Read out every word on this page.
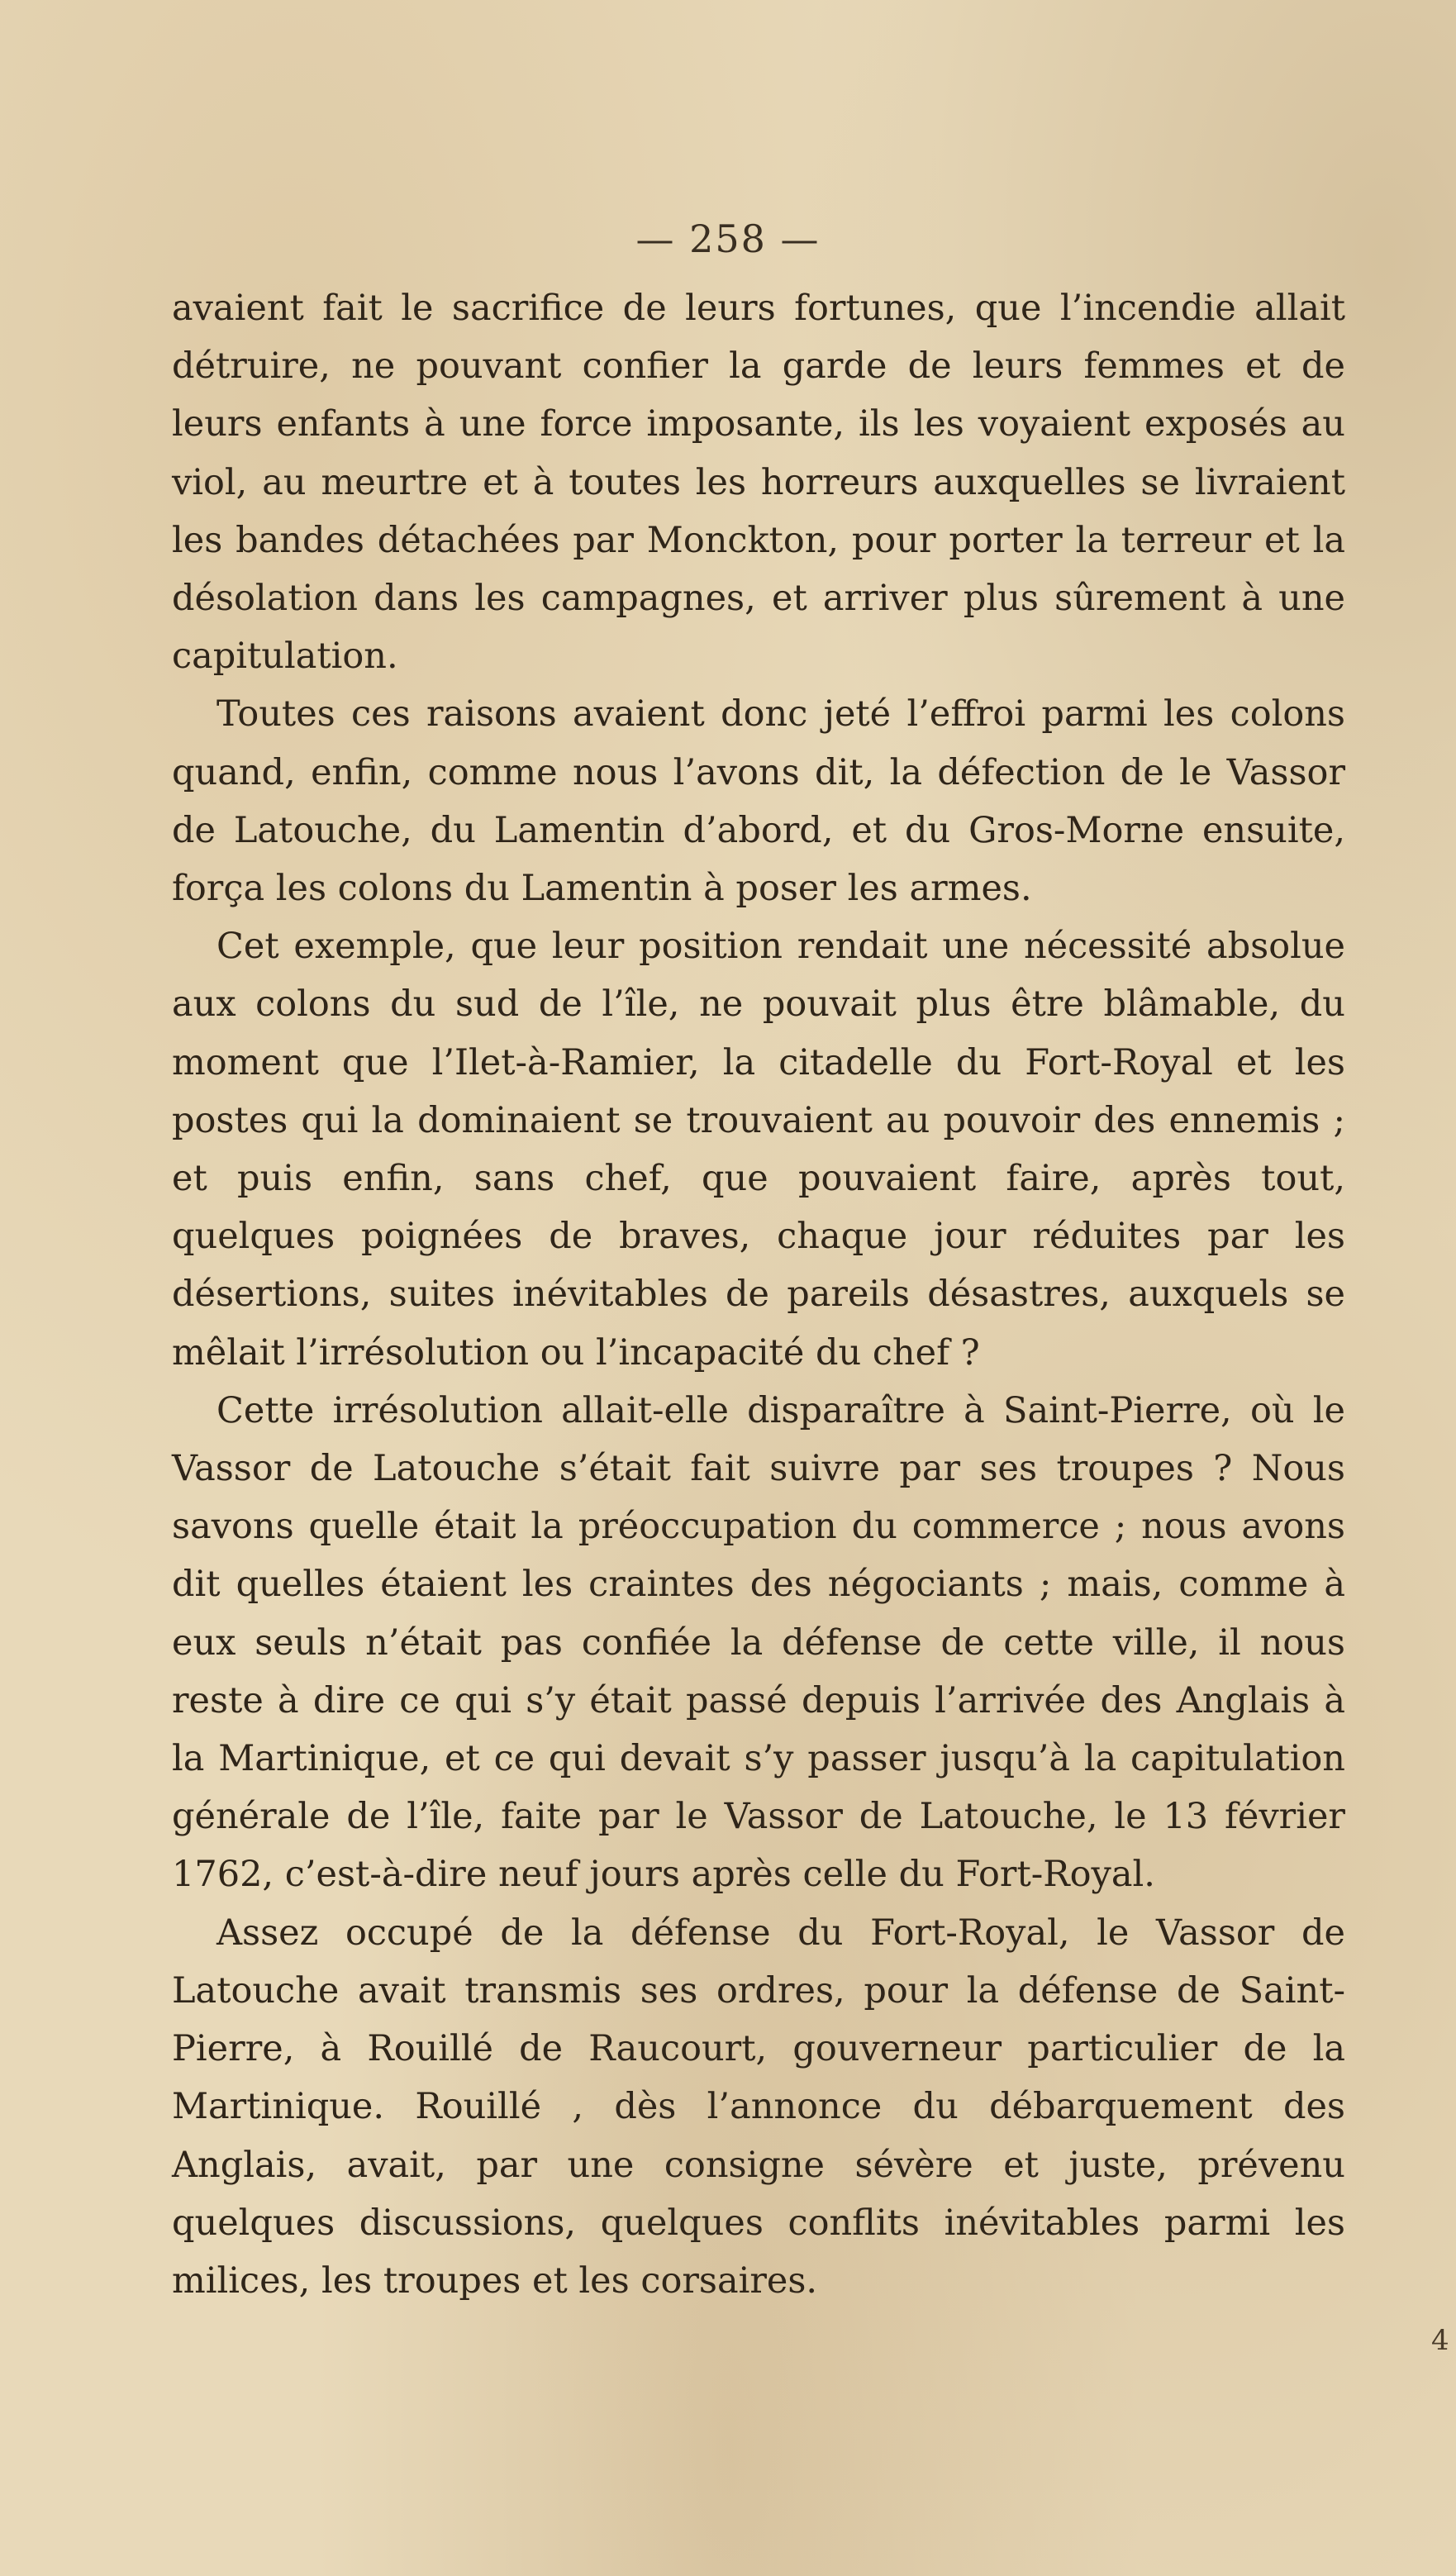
— 258 —

avaient fait le sacrifice de leurs fortunes, que l’incendie allait détruire, ne pouvant confier la garde de leurs femmes et de leurs enfants à une force imposante, ils les voyaient exposés au viol, au meurtre et à toutes les horreurs auxquelles se livraient les bandes détachées par Monckton, pour porter la terreur et la désolation dans les campagnes, et arriver plus sûrement à une capitulation.

Toutes ces raisons avaient donc jeté l’effroi parmi les colons quand, enfin, comme nous l’avons dit, la défection de le Vassor de Latouche, du Lamentin d’abord, et du Gros-Morne ensuite, força les colons du Lamentin à poser les armes.

Cet exemple, que leur position rendait une nécessité absolue aux colons du sud de l’île, ne pouvait plus être blâmable, du moment que l’Ilet-à-Ramier, la citadelle du Fort-Royal et les postes qui la dominaient se trouvaient au pouvoir des ennemis ; et puis enfin, sans chef, que pouvaient faire, après tout, quelques poignées de braves, chaque jour réduites par les désertions, suites inévitables de pareils désastres, auxquels se mêlait l’irrésolution ou l’incapacité du chef ?

Cette irrésolution allait-elle disparaître à Saint-Pierre, où le Vassor de Latouche s’était fait suivre par ses troupes ? Nous savons quelle était la préoccupation du commerce ; nous avons dit quelles étaient les craintes des négociants ; mais, comme à eux seuls n’était pas confiée la défense de cette ville, il nous reste à dire ce qui s’y était passé depuis l’arrivée des Anglais à la Martinique, et ce qui devait s’y passer jusqu’à la capitulation générale de l’île, faite par le Vassor de Latouche, le 13 février 1762, c’est-à-dire neuf jours après celle du Fort-Royal.

Assez occupé de la défense du Fort-Royal, le Vassor de Latouche avait transmis ses ordres, pour la défense de Saint-Pierre, à Rouillé de Raucourt, gouverneur particulier de la Martinique. Rouillé , dès l’annonce du débarquement des Anglais, avait, par une consigne sévère et juste, prévenu quelques discussions, quelques conflits inévitables parmi les milices, les troupes et les corsaires.

4
